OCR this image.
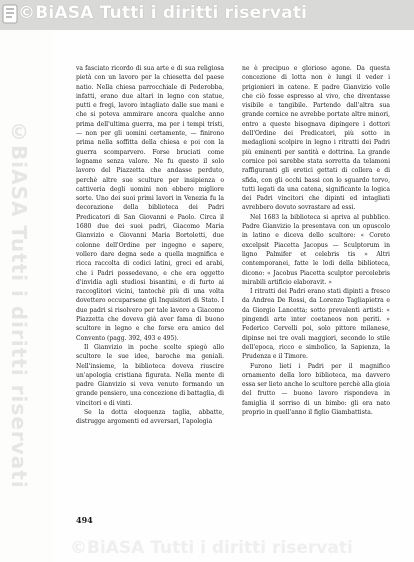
©BiASA Tutti i diritti riservati
©BiASA Tutti i diritti riservati

va fasciato ricordo di sua arte e di sua religiosa pietà con un lavoro per la chiesetta del paese natio. Nella chiesa parrocchiale di Pederobba, infatti, erano due altari in legno con statue, putti e fregi, lavoro intagliato dalle sue mani e che si poteva ammirare ancora qualche anno prima dell'ultima guerra, ma per i tempi tristi, — non per gli uomini certamente, — finirono prima nella soffitta della chiesa e poi con la guerra scomparvero. Forse bruciati come legname senza valore. Ne fu questo il solo lavoro del Piazzetta che andasse perduto, perchè altre sue sculture per insipienza o cattiveria degli uomini non ebbero migliore sorte. Uno dei suoi primi lavori in Venezia fu la decorazione della biblioteca dei Padri Predicatori di San Giovanni e Paolo. Circa il 1680 due dei suoi padri, Giacomo Maria Gianvizio e Giovanni Maria Bortoletti, due colonne dell'Ordine per ingegno e sapere, vollero dare degna sede a quella magnifica e ricca raccolta di codici latini, greci ed arabi, che i Padri possedevano, e che era oggetto d'invidia agli studiosi bisantini, e di furto ai raccoglitori vicini, tantochè più di una volta dovettero occuparsene gli Inquisitori di Stato. I due padri si risolvero per tale lavoro a Giacomo Piazzetta che doveva già aver fama di buono scultore in legno e che forse era amico del Convento (pagg. 392, 493 e 495).

Il Gianvizio in poche scelte spiegò allo scultore le sue idee, baroche ma geniali. Nell'insieme, la biblioteca doveva riuscire un'apologia cristiana figurata. Nella mente di padre Gianvizio si veva venuto formando un grande pensiero, una concezione di battaglia, di vincitori e di vinti.

Se la dotta eloquenza taglia, abbatte, distrugge argomenti ed avversari, l'apologia

ne è precipuo e glorioso agone. Da questa concezione di lotta non è lungi il veder i prigionieri in catene. E padre Gianvizio volle che ciò fosse espresso al vivo, che diventasse visibile e tangibile. Partendo dall'altra sua grande cornice ne avrebbe portate altre minori, entro a queste bisognava dipingere i dottori dell'Ordine dei Predicatori, più sotto in medaglioni scolpire in legno i ritratti dei Padri più eminenti per santità e dottrina. La grande cornice poi sarebbe stata sorretta da telamoni raffiguranti gli eretici gettati di collera e di sfida, con gli occhi bassi con lo sguardo torvo, tutti legati da una catena, significante la logica dei Padri vincitori che dipinti ed intagliati avrebbero dovuto sovrastare ad essi.

Nel 1683 la biblioteca si apriva al pubblico. Padre Gianvizio la presentava con un opuscolo in latino e diceva dello scultore: « Coreto excelpsit Piacetta Jacopus — Sculptorum in ligno Palmifer et celebris tis » Altri contemporanei, fatte le lodi della biblioteca, dicono: « Jacobus Piacetta sculptor percelebris mirabili artificio elaboravit. »

I ritratti dei Padri erano stati dipinti a fresco da Andrea De Rossi, da Lorenzo Tagliapietra e da Giorgio Lancetta; sotto prevalenti artisti: « pingendi arte inter coetaneos non periti. » Federico Cervelli poi, solo pittore milanese, dipinse nei tre ovali maggiori, secondo lo stile dell'epoca, ricco e simbolico, la Sapienza, la Prudenza e il Timore.

Furono lieti i Padri per il magnifico ornamento della loro biblioteca, ma davvero essa ser lieto anche lo scultore perchè alla gioia del frutto — buono lavoro rispondeva in famiglia il sorriso di un bimbo: gli era nato proprio in quell'anno il figlio Giambattista.

494
©BiASA Tutti i diritti riservati
